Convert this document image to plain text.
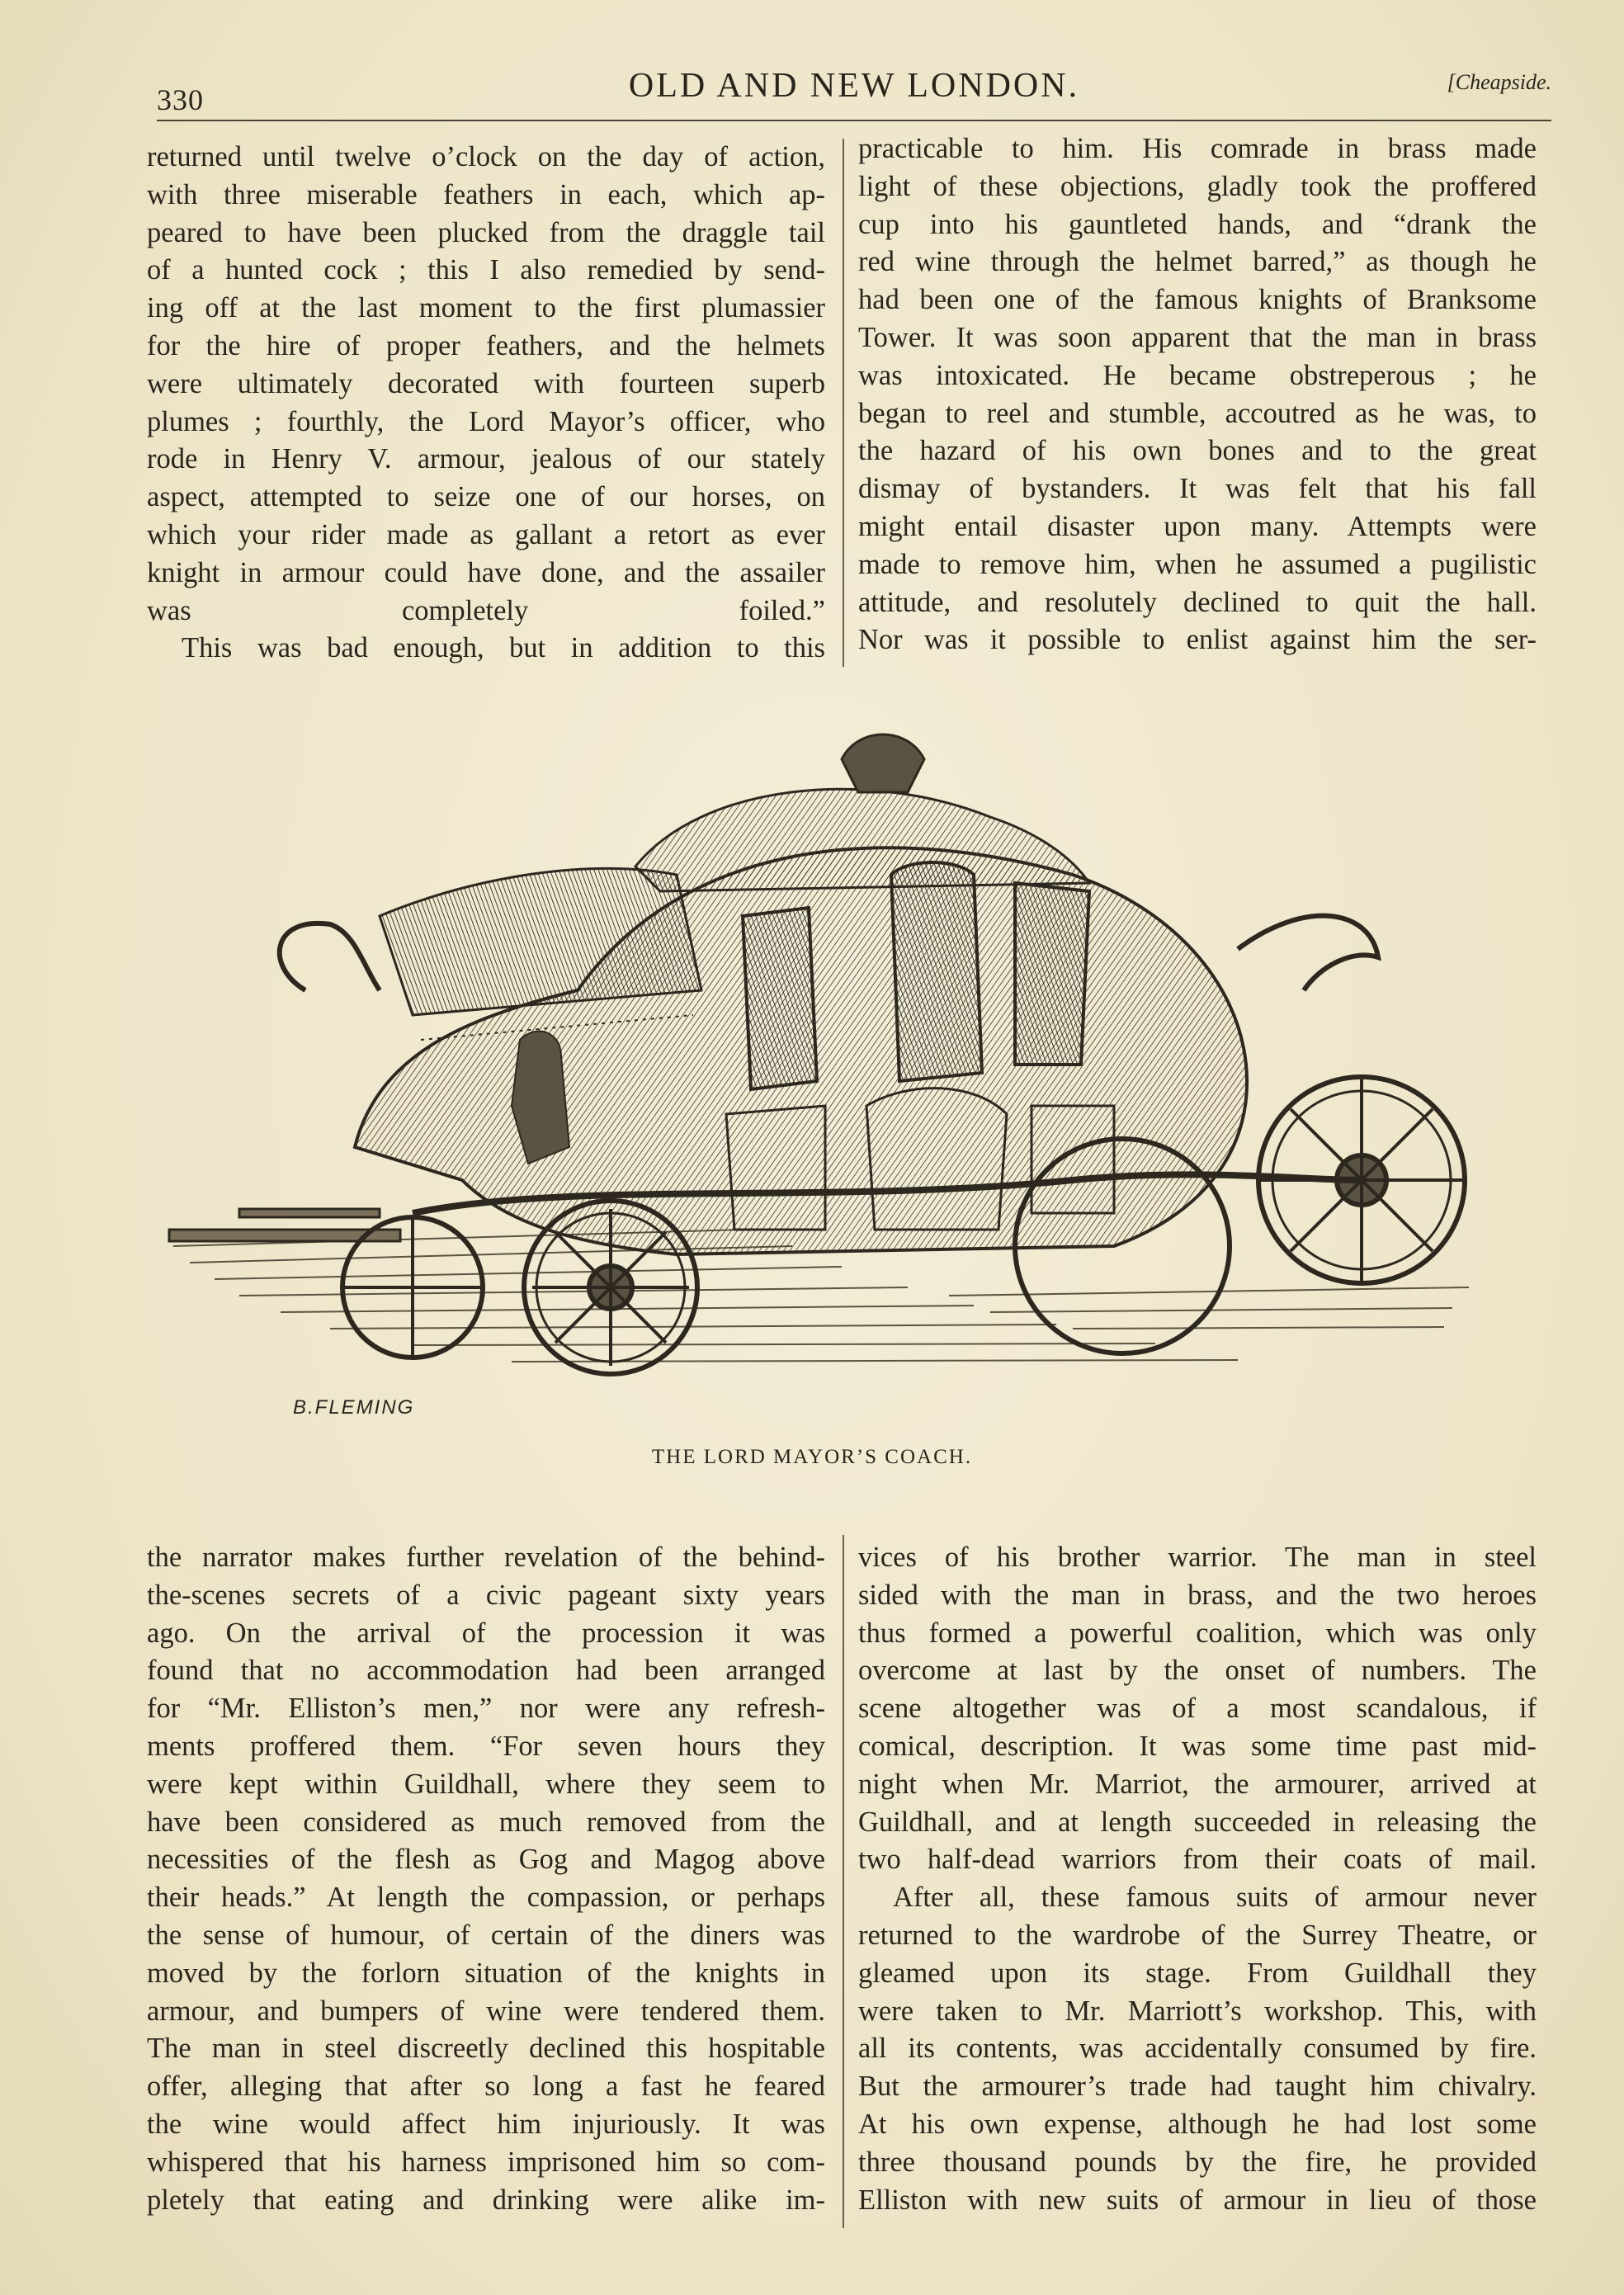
330	OLD AND NEW LONDON.	[Cheapside.

returned until twelve o’clock on the day of action,

with three miserable feathers in each, which ap-

peared to have been plucked from the draggle tail

of a hunted cock ; this I also remedied by send-

ing off at the last moment to the first plumassier

for the hire of proper feathers, and the helmets

were ultimately decorated with fourteen superb

plumes ; fourthly, the Lord Mayor’s officer, who

rode in Henry V. armour, jealous of our stately

aspect, attempted to seize one of our horses, on

which your rider made as gallant a retort as ever

knight in armour could have done, and the assailer

was completely foiled.”

This was bad enough, but in addition to this

practicable to him. His comrade in brass made

light of these objections, gladly took the proffered

cup into his gauntleted hands, and “drank the

red wine through the helmet barred,” as though he

had been one of the famous knights of Branksome

Tower. It was soon apparent that the man in brass

was intoxicated. He became obstreperous ; he

began to reel and stumble, accoutred as he was, to

the hazard of his own bones and to the great

dismay of bystanders. It was felt that his fall

might entail disaster upon many. Attempts were

made to remove him, when he assumed a pugilistic

attitude, and resolutely declined to quit the hall.

Nor was it possible to enlist against him the ser-

B.FLEMING
THE LORD MAYOR’S COACH.

the narrator makes further revelation of the behind-

the-scenes secrets of a civic pageant sixty years

ago. On the arrival of the procession it was

found that no accommodation had been arranged

for “Mr. Elliston’s men,” nor were any refresh-

ments proffered them. “For seven hours they

were kept within Guildhall, where they seem to

have been considered as much removed from the

necessities of the flesh as Gog and Magog above

their heads.” At length the compassion, or perhaps

the sense of humour, of certain of the diners was

moved by the forlorn situation of the knights in

armour, and bumpers of wine were tendered them.

The man in steel discreetly declined this hospitable

offer, alleging that after so long a fast he feared

the wine would affect him injuriously. It was

whispered that his harness imprisoned him so com-

pletely that eating and drinking were alike im-

vices of his brother warrior. The man in steel

sided with the man in brass, and the two heroes

thus formed a powerful coalition, which was only

overcome at last by the onset of numbers. The

scene altogether was of a most scandalous, if

comical, description. It was some time past mid-

night when Mr. Marriot, the armourer, arrived at

Guildhall, and at length succeeded in releasing the

two half-dead warriors from their coats of mail.

After all, these famous suits of armour never

returned to the wardrobe of the Surrey Theatre, or

gleamed upon its stage. From Guildhall they

were taken to Mr. Marriott’s workshop. This, with

all its contents, was accidentally consumed by fire.

But the armourer’s trade had taught him chivalry.

At his own expense, although he had lost some

three thousand pounds by the fire, he provided

Elliston with new suits of armour in lieu of those
